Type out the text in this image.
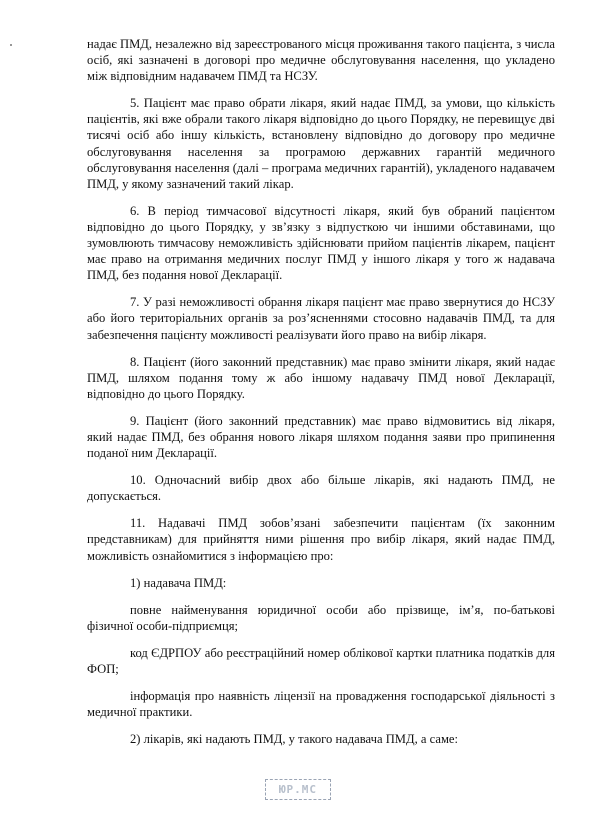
надає ПМД, незалежно від зареєстрованого місця проживання такого пацієнта, з числа осіб, які зазначені в договорі про медичне обслуговування населення, що укладено між відповідним надавачем ПМД та НСЗУ.

5. Пацієнт має право обрати лікаря, який надає ПМД, за умови, що кількість пацієнтів, які вже обрали такого лікаря відповідно до цього Порядку, не перевищує дві тисячі осіб або іншу кількість, встановлену відповідно до договору про медичне обслуговування населення за програмою державних гарантій медичного обслуговування населення (далі – програма медичних гарантій), укладеного надавачем ПМД, у якому зазначений такий лікар.

6. В період тимчасової відсутності лікаря, який був обраний пацієнтом відповідно до цього Порядку, у зв’язку з відпусткою чи іншими обставинами, що зумовлюють тимчасову неможливість здійснювати прийом пацієнтів лікарем, пацієнт має право на отримання медичних послуг ПМД у іншого лікаря у того ж надавача ПМД, без подання нової Декларації.

7. У разі неможливості обрання лікаря пацієнт має право звернутися до НСЗУ або його територіальних органів за роз’ясненнями стосовно надавачів ПМД, та для забезпечення пацієнту можливості реалізувати його право на вибір лікаря.

8. Пацієнт (його законний представник) має право змінити лікаря, який надає ПМД, шляхом подання тому ж або іншому надавачу ПМД нової Декларації, відповідно до цього Порядку.

9. Пацієнт (його законний представник) має право відмовитись від лікаря, який надає ПМД, без обрання нового лікаря шляхом подання заяви про припинення поданої ним Декларації.

10. Одночасний вибір двох або більше лікарів, які надають ПМД, не допускається.

11. Надавачі ПМД зобов’язані забезпечити пацієнтам (їх законним представникам) для прийняття ними рішення про вибір лікаря, який надає ПМД, можливість ознайомитися з інформацією про:

1) надавача ПМД:

повне найменування юридичної особи або прізвище, ім’я, по-батькові фізичної особи-підприємця;

код ЄДРПОУ або реєстраційний номер облікової картки платника податків для ФОП;

інформація про наявність ліцензії на провадження господарської діяльності з медичної практики.

2) лікарів, які надають ПМД, у такого надавача ПМД, а саме:

ЮР.МС
